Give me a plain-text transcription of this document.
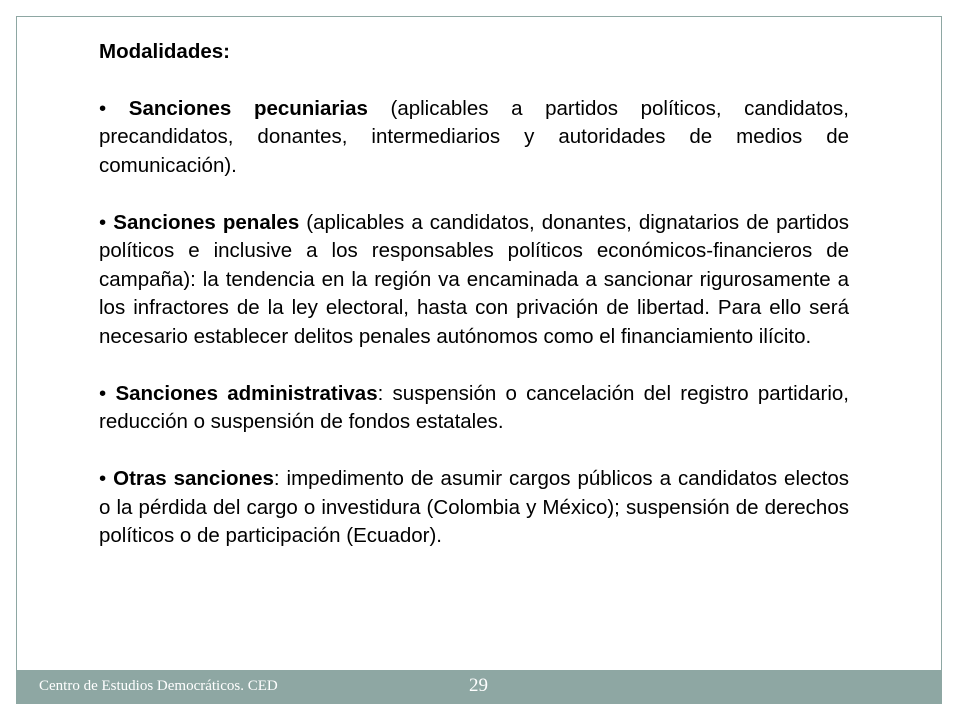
Modalidades:
• Sanciones pecuniarias (aplicables a partidos políticos, candidatos, precandidatos, donantes, intermediarios y autoridades de medios de comunicación).
• Sanciones penales (aplicables a candidatos, donantes, dignatarios de partidos políticos e inclusive a los responsables políticos económicos-financieros de campaña): la tendencia en la región va encaminada a sancionar rigurosamente a los infractores de la ley electoral, hasta con privación de libertad. Para ello será necesario establecer delitos penales autónomos como el financiamiento ilícito.
• Sanciones administrativas: suspensión o cancelación del registro partidario, reducción o suspensión de fondos estatales.
• Otras sanciones: impedimento de asumir cargos públicos a candidatos electos o la pérdida del cargo o investidura (Colombia y México); suspensión de derechos políticos o de participación (Ecuador).
Centro de Estudios Democráticos. CED	29
